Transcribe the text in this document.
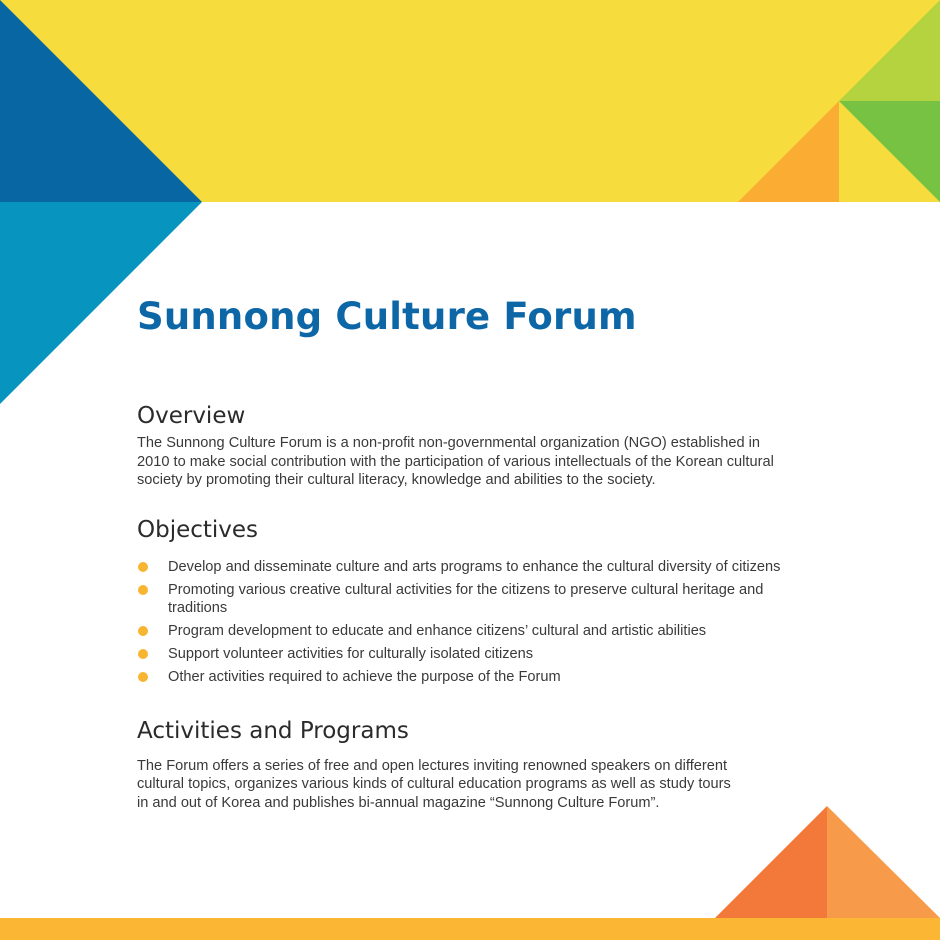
Sunnong Culture Forum
Overview

The Sunnong Culture Forum is a non-profit non-governmental organization (NGO) established in
2010 to make social contribution with the participation of various intellectuals of the Korean cultural
society by promoting their cultural literacy, knowledge and abilities to the society.

Objectives
Develop and disseminate culture and arts programs to enhance the cultural diversity of citizens
Promoting various creative cultural activities for the citizens to preserve cultural heritage and
traditions
Program development to educate and enhance citizens’ cultural and artistic abilities
Support volunteer activities for culturally isolated citizens
Other activities required to achieve the purpose of the Forum
Activities and Programs

The Forum offers a series of free and open lectures inviting renowned speakers on different
cultural topics, organizes various kinds of cultural education programs as well as study tours
in and out of Korea and publishes bi-annual magazine “Sunnong Culture Forum”.
